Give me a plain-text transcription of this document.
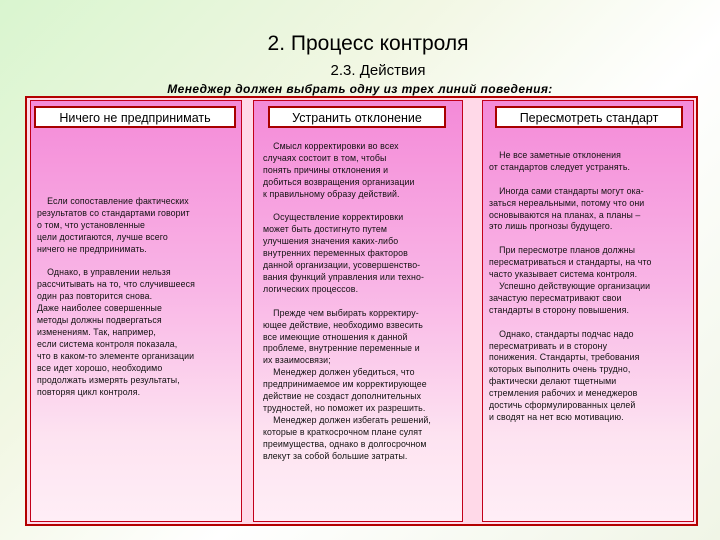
2. Процесс контроля
2.3. Действия
Менеджер должен выбрать одну из трех линий поведения:
Ничего не предпринимать	Устранить отклонение	Пересмотреть стандарт
Если сопоставление фактических
результатов со стандартами говорит
о том, что установленные
цели достигаются, лучше всего
ничего не предпринимать.

Однако, в управлении нельзя
рассчитывать на то, что случившееся
один раз повторится снова.
Даже наиболее совершенные
методы должны подвергаться
изменениям. Так, например,
если система контроля показала,
что в каком-то элементе организации
все идет хорошо, необходимо
продолжать измерять результаты,
повторяя цикл контроля.
Смысл корректировки во всех
случаях состоит в том, чтобы
понять причины отклонения и
добиться возвращения организации
к правильному образу действий.

Осуществление корректировки
может быть достигнуто путем
улучшения значения каких-либо
внутренних переменных факторов
данной организации, усовершенство-
вания функций управления или техно-
логических процессов.

Прежде чем выбирать корректиру-
ющее действие, необходимо взвесить
все имеющие отношения к данной
проблеме, внутренние переменные и
их взаимосвязи;
Менеджер должен убедиться, что
предпринимаемое им корректирующее
действие не создаст дополнительных
трудностей, но поможет их разрешить.
Менеджер должен избегать решений,
которые в краткосрочном плане сулят
преимущества, однако в долгосрочном
влекут за собой большие затраты.
Не все заметные отклонения
от стандартов следует устранять.

Иногда сами стандарты могут ока-
заться нереальными, потому что они
основываются на планах, а планы –
это лишь прогнозы будущего.

При пересмотре планов должны
пересматриваться и стандарты, на что
часто указывает система контроля.
Успешно действующие организации
зачастую пересматривают свои
стандарты в сторону повышения.

Однако, стандарты подчас надо
пересматривать и в сторону
понижения. Стандарты, требования
которых выполнить очень трудно,
фактически делают тщетными
стремления рабочих и менеджеров
достичь сформулированных целей
и сводят на нет всю мотивацию.
